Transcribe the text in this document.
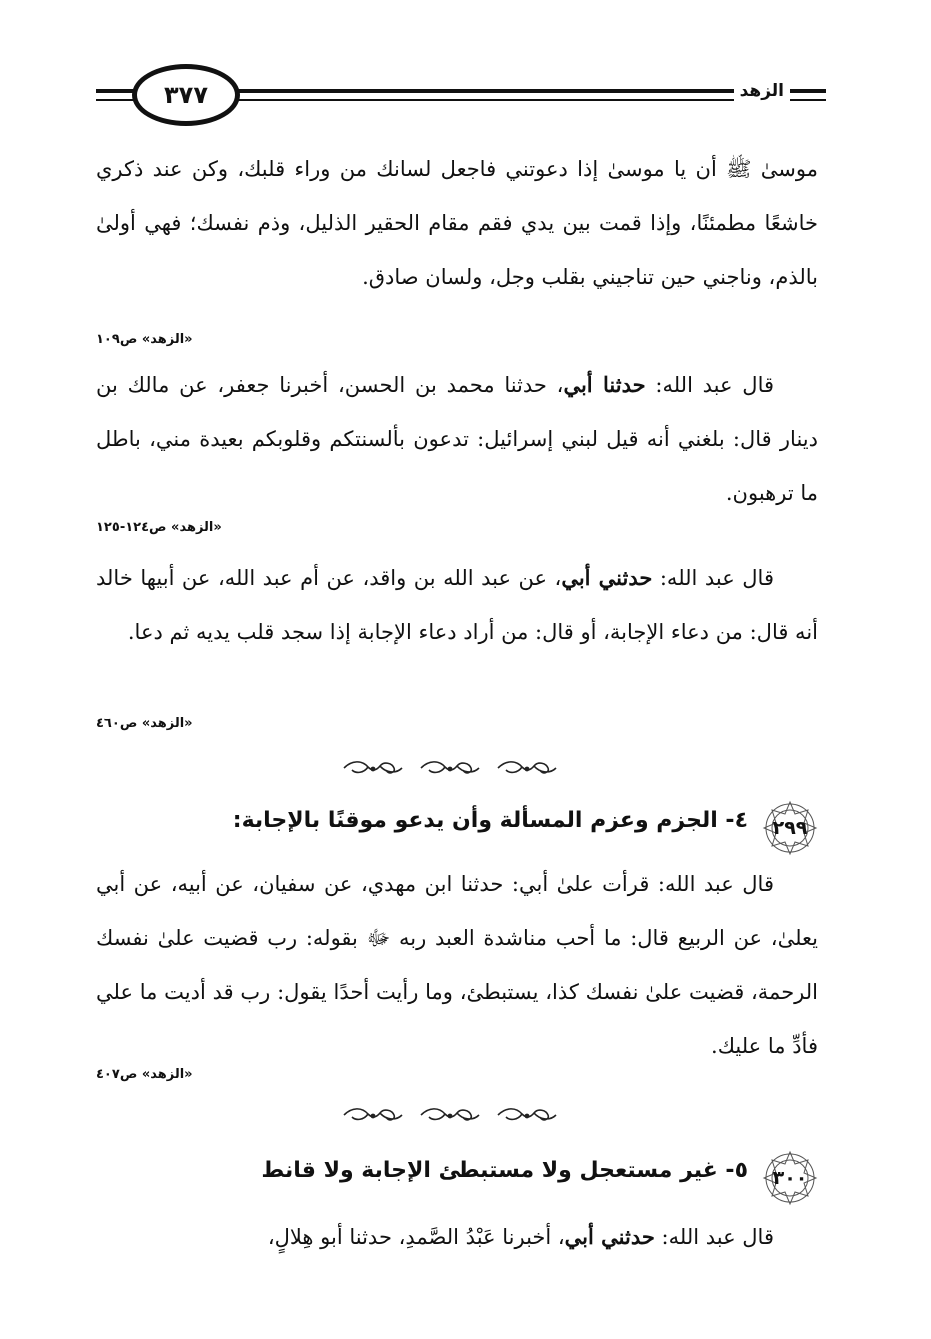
٣٧٧	الزهد
موسىٰ ﷺ أن يا موسىٰ إذا دعوتني فاجعل لسانك من وراء قلبك، وكن عند ذكري خاشعًا مطمئنًا، وإذا قمت بين يدي فقم مقام الحقير الذليل، وذم نفسك؛ فهي أولىٰ بالذم، وناجني حين تناجيني بقلب وجل، ولسان صادق.
«الزهد» ص١٠٩
قال عبد الله: حدثنا أبي، حدثنا محمد بن الحسن، أخبرنا جعفر، عن مالك بن دينار قال: بلغني أنه قيل لبني إسرائيل: تدعون بألسنتكم وقلوبكم بعيدة مني، باطل ما ترهبون.
«الزهد» ص١٢٤-١٢٥
قال عبد الله: حدثني أبي، عن عبد الله بن واقد، عن أم عبد الله، عن أبيها خالد أنه قال: من دعاء الإجابة، أو قال: من أراد دعاء الإجابة إذا سجد قلب يديه ثم دعا.
«الزهد» ص٤٦٠
٢٩٩
٤- الجزم وعزم المسألة وأن يدعو موقنًا بالإجابة:
قال عبد الله: قرأت علىٰ أبي: حدثنا ابن مهدي، عن سفيان، عن أبيه، عن أبي يعلىٰ، عن الربيع قال: ما أحب مناشدة العبد ربه ﷻ بقوله: رب قضيت علىٰ نفسك الرحمة، قضيت علىٰ نفسك كذا، يستبطئ، وما رأيت أحدًا يقول: رب قد أديت ما علي فأدِّ ما عليك.
«الزهد» ص٤٠٧
٣٠٠
٥- غير مستعجل ولا مستبطئ الإجابة ولا قانط
قال عبد الله: حدثني أبي، أخبرنا عَبْدُ الصَّمدِ، حدثنا أبو هِلالٍ،
